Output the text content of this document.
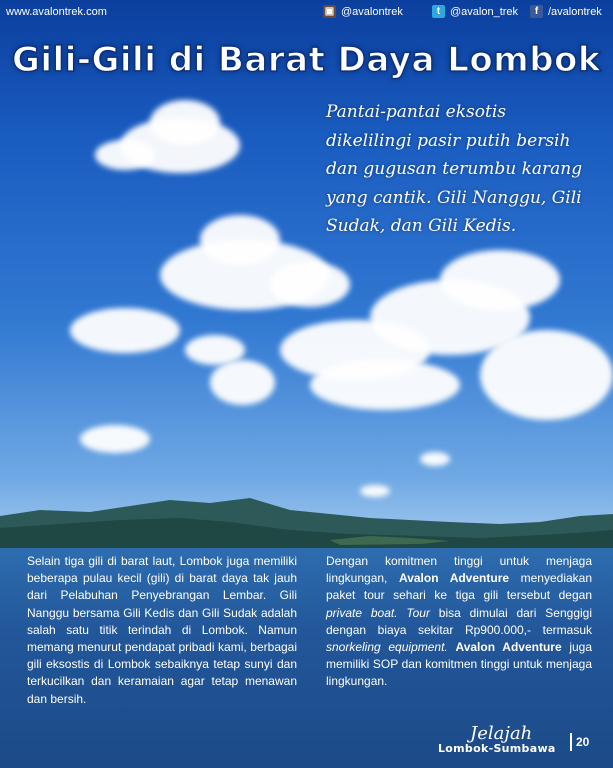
www.avalontrek.com	▣ @avalontrek	t @avalon_trek	f /avalontrek
Gili-Gili di Barat Daya Lombok
Pantai-pantai eksotis dikelilingi pasir putih bersih dan gugusan terumbu karang yang cantik. Gili Nanggu, Gili Sudak, dan Gili Kedis.
Selain tiga gili di barat laut, Lombok juga memiliki beberapa pulau kecil (gili) di barat daya tak jauh dari Pelabuhan Penyebrangan Lembar. Gili Nanggu bersama Gili Kedis dan Gili Sudak adalah salah satu titik terindah di Lombok. Namun memang menurut pendapat pribadi kami, berbagai gili eksostis di Lombok sebaiknya tetap sunyi dan terkucilkan dan keramaian agar tetap menawan dan bersih.
Dengan komitmen tinggi untuk menjaga lingkungan, Avalon Adventure menyediakan paket tour sehari ke tiga gili tersebut degan private boat. Tour bisa dimulai dari Senggigi dengan biaya sekitar Rp900.000,- termasuk snorkeling equipment. Avalon Adventure juga memiliki SOP dan komitmen tinggi untuk menjaga lingkungan.
Jelajah
Lombok-Sumbawa 20
